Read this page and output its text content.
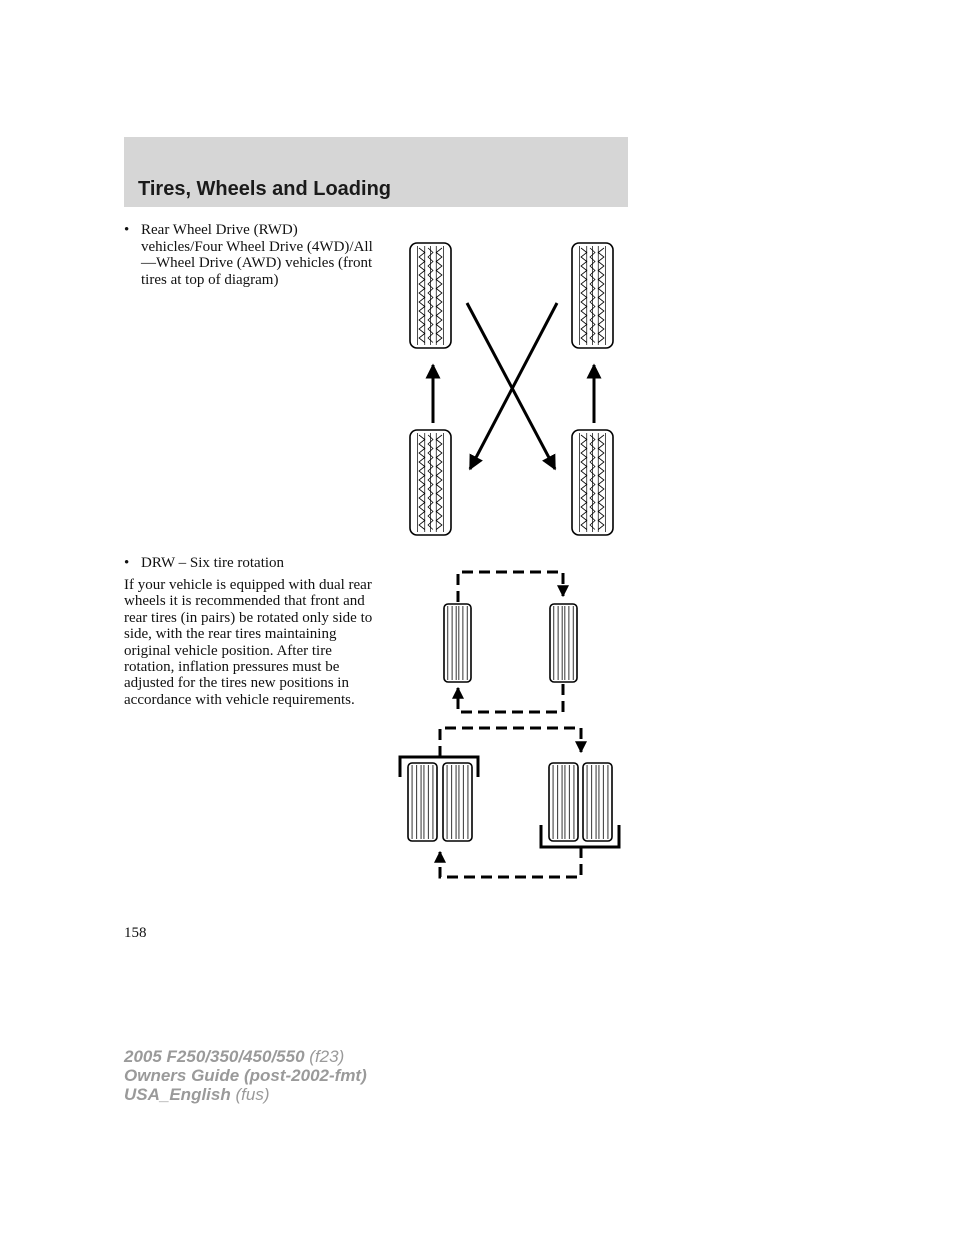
Tires, Wheels and Loading
• Rear Wheel Drive (RWD) vehicles/Four Wheel Drive (4WD)/All—Wheel Drive (AWD) vehicles (front tires at top of diagram)
• DRW – Six tire rotation
If your vehicle is equipped with dual rear wheels it is recommended that front and rear tires (in pairs) be rotated only side to side, with the rear tires maintaining original vehicle position. After tire rotation, inflation pressures must be adjusted for the tires new positions in accordance with vehicle requirements.
158
2005 F250/350/450/550 (f23)
Owners Guide (post-2002-fmt)
USA_English (fus)
